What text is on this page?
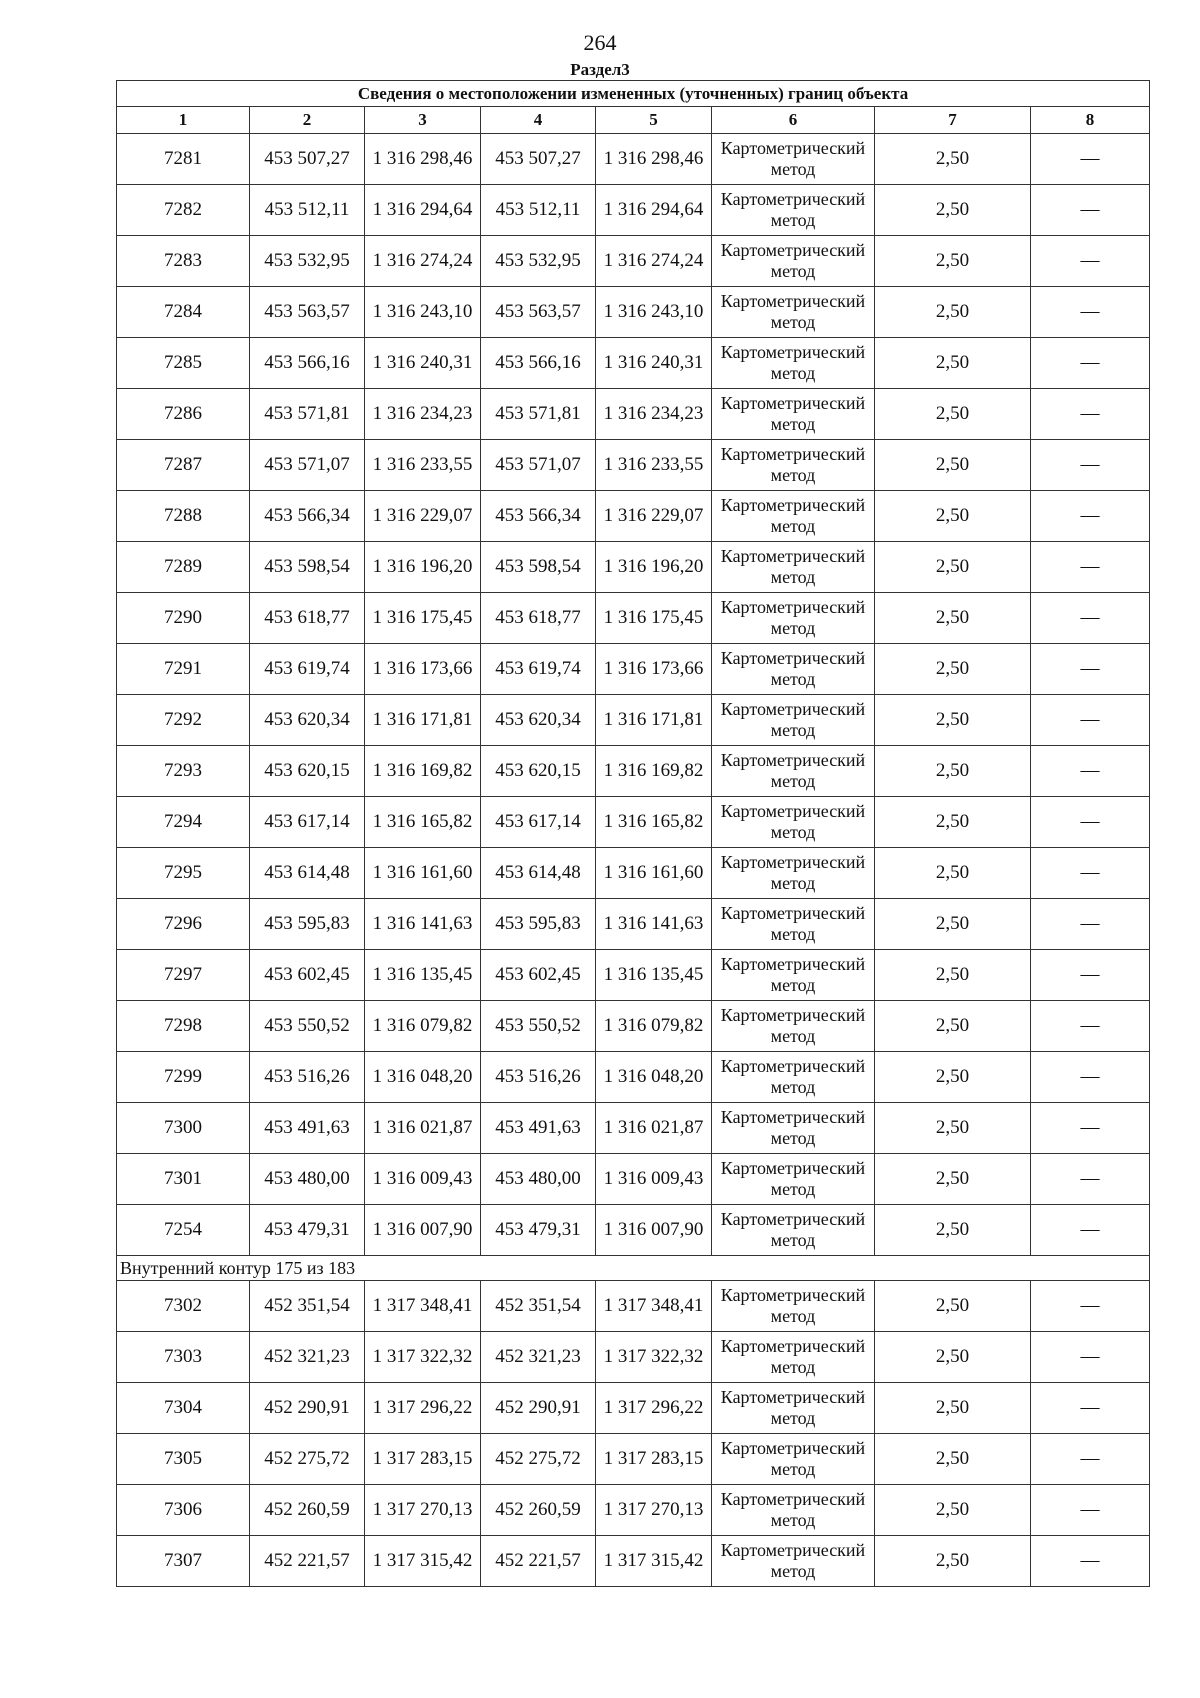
264
Раздел3
Сведения о местоположении измененных (уточненных) границ объекта							
1	2	3	4	5	6	7	8
7281	453 507,27	1 316 298,46	453 507,27	1 316 298,46	Картометрический метод	2,50	—
7282	453 512,11	1 316 294,64	453 512,11	1 316 294,64	Картометрический метод	2,50	—
7283	453 532,95	1 316 274,24	453 532,95	1 316 274,24	Картометрический метод	2,50	—
7284	453 563,57	1 316 243,10	453 563,57	1 316 243,10	Картометрический метод	2,50	—
7285	453 566,16	1 316 240,31	453 566,16	1 316 240,31	Картометрический метод	2,50	—
7286	453 571,81	1 316 234,23	453 571,81	1 316 234,23	Картометрический метод	2,50	—
7287	453 571,07	1 316 233,55	453 571,07	1 316 233,55	Картометрический метод	2,50	—
7288	453 566,34	1 316 229,07	453 566,34	1 316 229,07	Картометрический метод	2,50	—
7289	453 598,54	1 316 196,20	453 598,54	1 316 196,20	Картометрический метод	2,50	—
7290	453 618,77	1 316 175,45	453 618,77	1 316 175,45	Картометрический метод	2,50	—
7291	453 619,74	1 316 173,66	453 619,74	1 316 173,66	Картометрический метод	2,50	—
7292	453 620,34	1 316 171,81	453 620,34	1 316 171,81	Картометрический метод	2,50	—
7293	453 620,15	1 316 169,82	453 620,15	1 316 169,82	Картометрический метод	2,50	—
7294	453 617,14	1 316 165,82	453 617,14	1 316 165,82	Картометрический метод	2,50	—
7295	453 614,48	1 316 161,60	453 614,48	1 316 161,60	Картометрический метод	2,50	—
7296	453 595,83	1 316 141,63	453 595,83	1 316 141,63	Картометрический метод	2,50	—
7297	453 602,45	1 316 135,45	453 602,45	1 316 135,45	Картометрический метод	2,50	—
7298	453 550,52	1 316 079,82	453 550,52	1 316 079,82	Картометрический метод	2,50	—
7299	453 516,26	1 316 048,20	453 516,26	1 316 048,20	Картометрический метод	2,50	—
7300	453 491,63	1 316 021,87	453 491,63	1 316 021,87	Картометрический метод	2,50	—
7301	453 480,00	1 316 009,43	453 480,00	1 316 009,43	Картометрический метод	2,50	—
7254	453 479,31	1 316 007,90	453 479,31	1 316 007,90	Картометрический метод	2,50	—
Внутренний контур 175 из 183							
7302	452 351,54	1 317 348,41	452 351,54	1 317 348,41	Картометрический метод	2,50	—
7303	452 321,23	1 317 322,32	452 321,23	1 317 322,32	Картометрический метод	2,50	—
7304	452 290,91	1 317 296,22	452 290,91	1 317 296,22	Картометрический метод	2,50	—
7305	452 275,72	1 317 283,15	452 275,72	1 317 283,15	Картометрический метод	2,50	—
7306	452 260,59	1 317 270,13	452 260,59	1 317 270,13	Картометрический метод	2,50	—
7307	452 221,57	1 317 315,42	452 221,57	1 317 315,42	Картометрический метод	2,50	—
